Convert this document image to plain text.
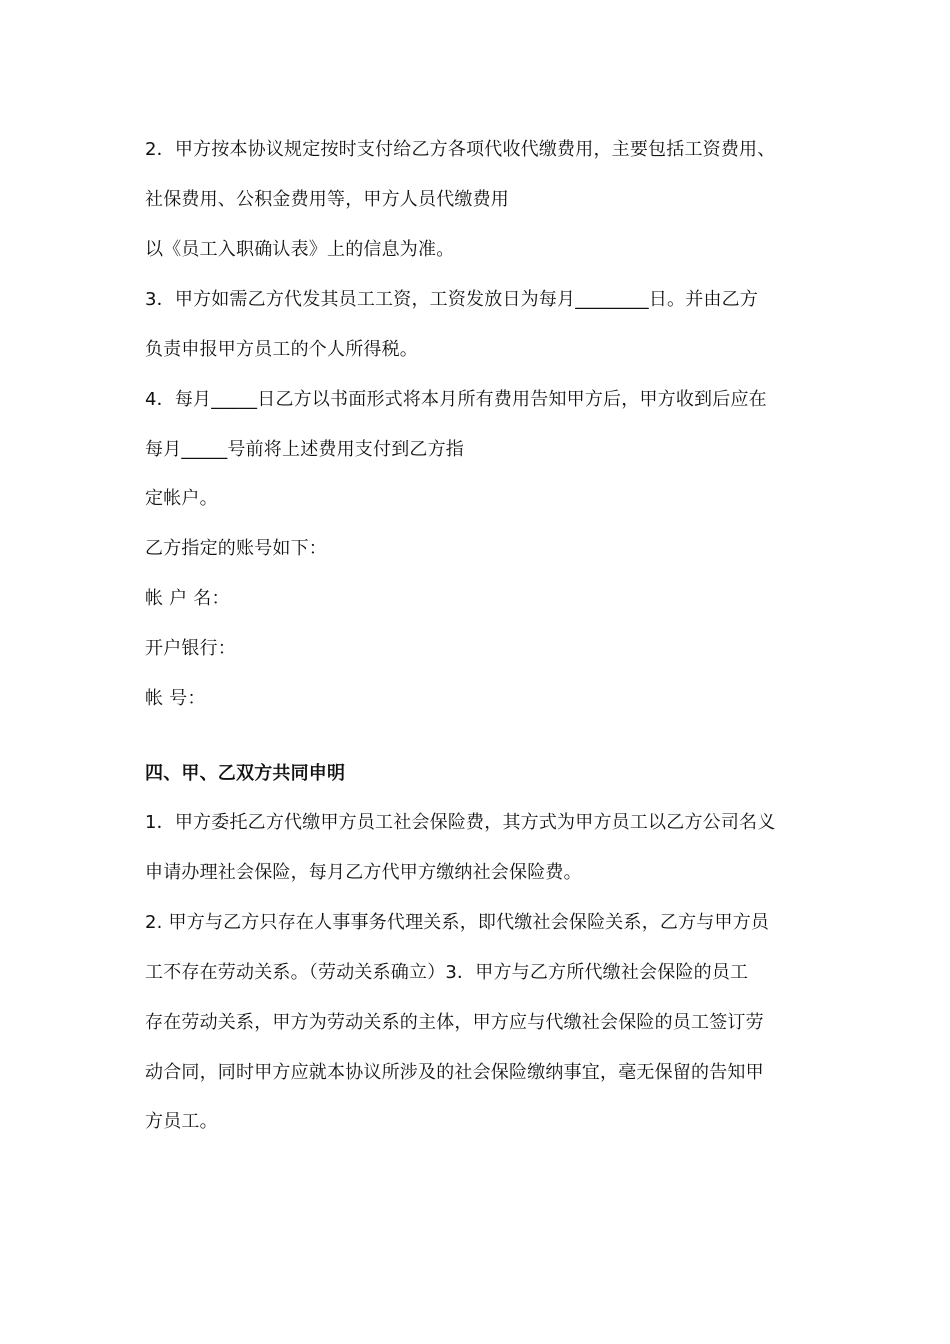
2．甲方按本协议规定按时支付给乙方各项代收代缴费用，主要包括工资费用、
社保费用、公积金费用等，甲方人员代缴费用
以《员工入职确认表》上的信息为准。
3．甲方如需乙方代发其员工工资，工资发放日为每月________日。并由乙方
负责申报甲方员工的个人所得税。
4．每月_____日乙方以书面形式将本月所有费用告知甲方后，甲方收到后应在
每月_____号前将上述费用支付到乙方指
定帐户。
乙方指定的账号如下：
帐 户 名：
开户银行：
帐 号：
四、甲、乙双方共同申明
1．甲方委托乙方代缴甲方员工社会保险费，其方式为甲方员工以乙方公司名义
申请办理社会保险，每月乙方代甲方缴纳社会保险费。
2. 甲方与乙方只存在人事事务代理关系，即代缴社会保险关系，乙方与甲方员
工不存在劳动关系。（劳动关系确立）3．甲方与乙方所代缴社会保险的员工
存在劳动关系，甲方为劳动关系的主体，甲方应与代缴社会保险的员工签订劳
动合同，同时甲方应就本协议所涉及的社会保险缴纳事宜，毫无保留的告知甲
方员工。
